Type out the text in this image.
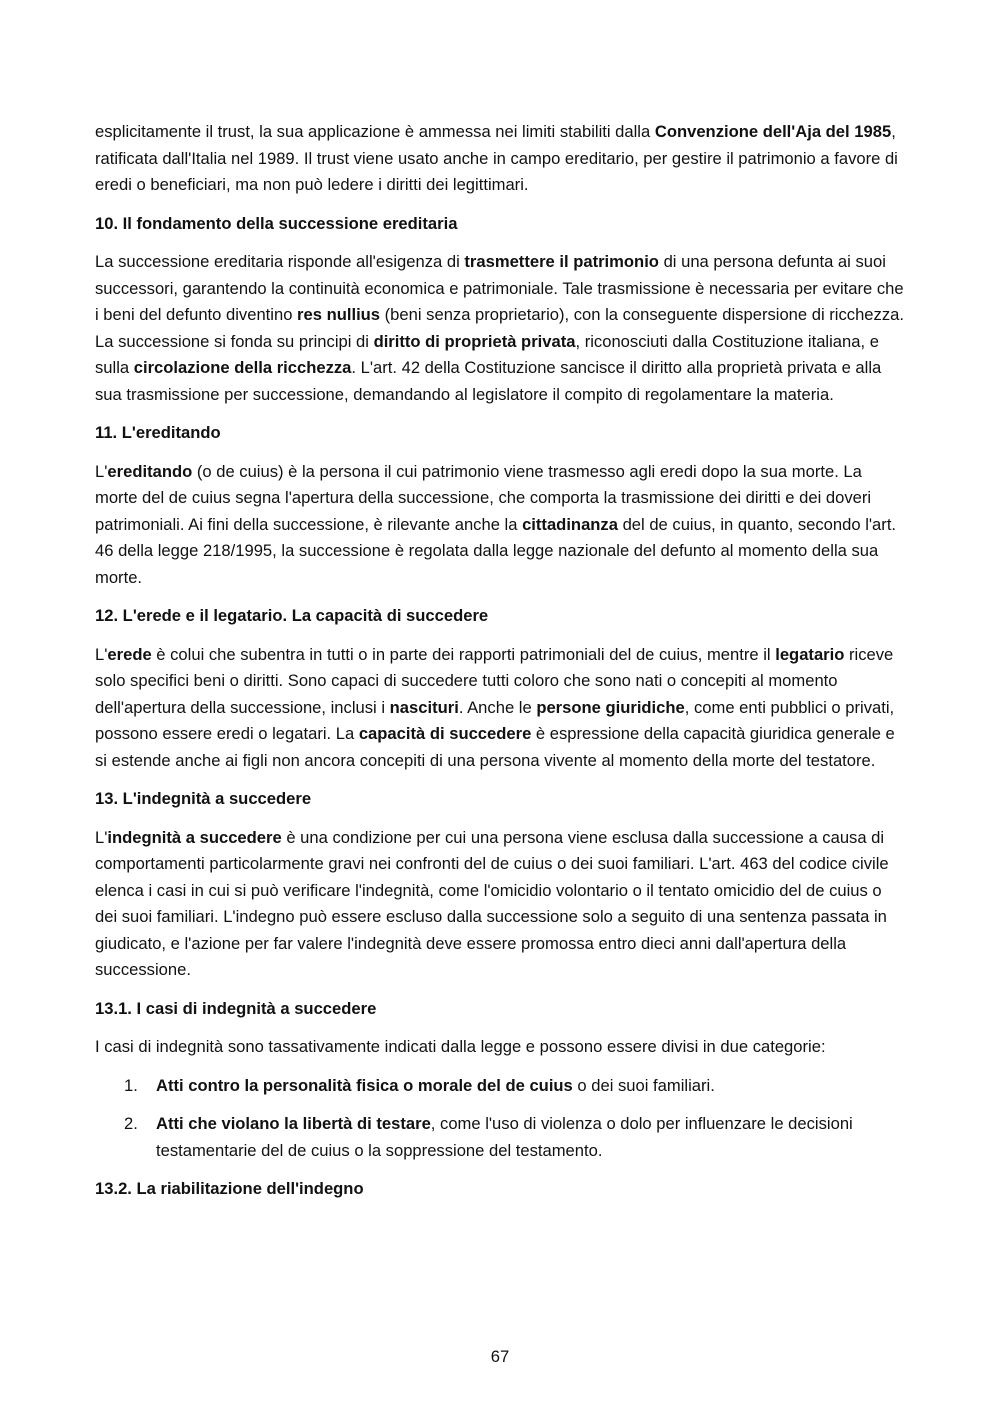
esplicitamente il trust, la sua applicazione è ammessa nei limiti stabiliti dalla Convenzione dell'Aja del 1985, ratificata dall'Italia nel 1989. Il trust viene usato anche in campo ereditario, per gestire il patrimonio a favore di eredi o beneficiari, ma non può ledere i diritti dei legittimari.

10. Il fondamento della successione ereditaria

La successione ereditaria risponde all'esigenza di trasmettere il patrimonio di una persona defunta ai suoi successori, garantendo la continuità economica e patrimoniale. Tale trasmissione è necessaria per evitare che i beni del defunto diventino res nullius (beni senza proprietario), con la conseguente dispersione di ricchezza. La successione si fonda su principi di diritto di proprietà privata, riconosciuti dalla Costituzione italiana, e sulla circolazione della ricchezza. L'art. 42 della Costituzione sancisce il diritto alla proprietà privata e alla sua trasmissione per successione, demandando al legislatore il compito di regolamentare la materia.

11. L'ereditando

L'ereditando (o de cuius) è la persona il cui patrimonio viene trasmesso agli eredi dopo la sua morte. La morte del de cuius segna l'apertura della successione, che comporta la trasmissione dei diritti e dei doveri patrimoniali. Ai fini della successione, è rilevante anche la cittadinanza del de cuius, in quanto, secondo l'art. 46 della legge 218/1995, la successione è regolata dalla legge nazionale del defunto al momento della sua morte.

12. L'erede e il legatario. La capacità di succedere

L'erede è colui che subentra in tutti o in parte dei rapporti patrimoniali del de cuius, mentre il legatario riceve solo specifici beni o diritti. Sono capaci di succedere tutti coloro che sono nati o concepiti al momento dell'apertura della successione, inclusi i nascituri. Anche le persone giuridiche, come enti pubblici o privati, possono essere eredi o legatari. La capacità di succedere è espressione della capacità giuridica generale e si estende anche ai figli non ancora concepiti di una persona vivente al momento della morte del testatore.

13. L'indegnità a succedere

L'indegnità a succedere è una condizione per cui una persona viene esclusa dalla successione a causa di comportamenti particolarmente gravi nei confronti del de cuius o dei suoi familiari. L'art. 463 del codice civile elenca i casi in cui si può verificare l'indegnità, come l'omicidio volontario o il tentato omicidio del de cuius o dei suoi familiari. L'indegno può essere escluso dalla successione solo a seguito di una sentenza passata in giudicato, e l'azione per far valere l'indegnità deve essere promossa entro dieci anni dall'apertura della successione.

13.1. I casi di indegnità a succedere

I casi di indegnità sono tassativamente indicati dalla legge e possono essere divisi in due categorie:

1. Atti contro la personalità fisica o morale del de cuius o dei suoi familiari.
2. Atti che violano la libertà di testare, come l'uso di violenza o dolo per influenzare le decisioni testamentarie del de cuius o la soppressione del testamento.

13.2. La riabilitazione dell'indegno

67
